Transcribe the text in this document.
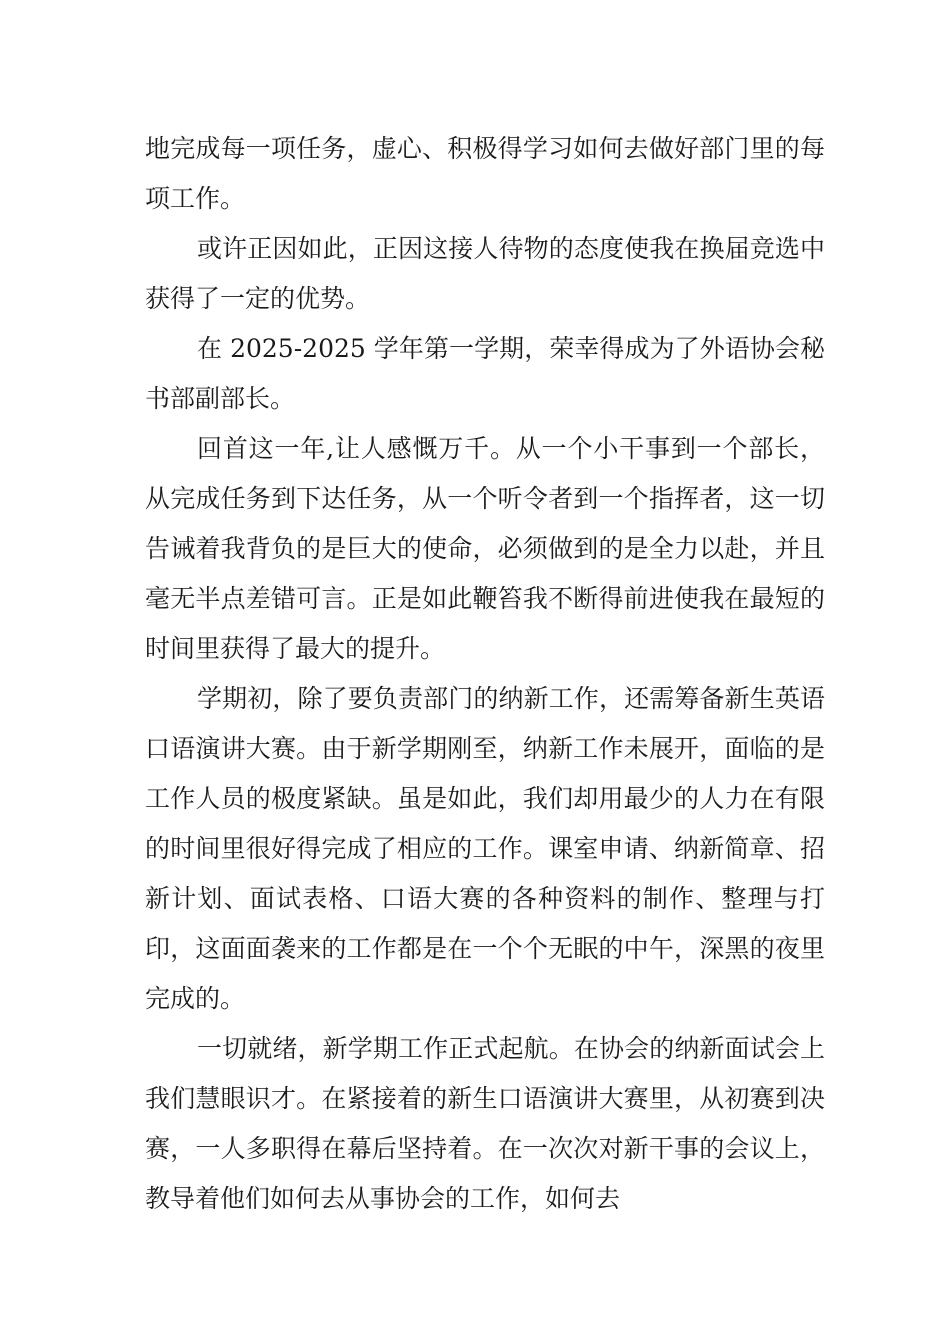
地完成每一项任务，虚心、积极得学习如何去做好部门里的每项工作。

或许正因如此，正因这接人待物的态度使我在换届竞选中获得了一定的优势。

在 2025-2025 学年第一学期，荣幸得成为了外语协会秘书部副部长。

回首这一年,让人感慨万千。从一个小干事到一个部长，从完成任务到下达任务，从一个听令者到一个指挥者，这一切告诫着我背负的是巨大的使命，必须做到的是全力以赴，并且毫无半点差错可言。正是如此鞭笞我不断得前进使我在最短的时间里获得了最大的提升。

学期初，除了要负责部门的纳新工作，还需筹备新生英语口语演讲大赛。由于新学期刚至，纳新工作未展开，面临的是工作人员的极度紧缺。虽是如此，我们却用最少的人力在有限的时间里很好得完成了相应的工作。课室申请、纳新简章、招新计划、面试表格、口语大赛的各种资料的制作、整理与打印，这面面袭来的工作都是在一个个无眠的中午，深黑的夜里完成的。

一切就绪，新学期工作正式起航。在协会的纳新面试会上我们慧眼识才。在紧接着的新生口语演讲大赛里，从初赛到决赛，一人多职得在幕后坚持着。在一次次对新干事的会议上，教导着他们如何去从事协会的工作，如何去
